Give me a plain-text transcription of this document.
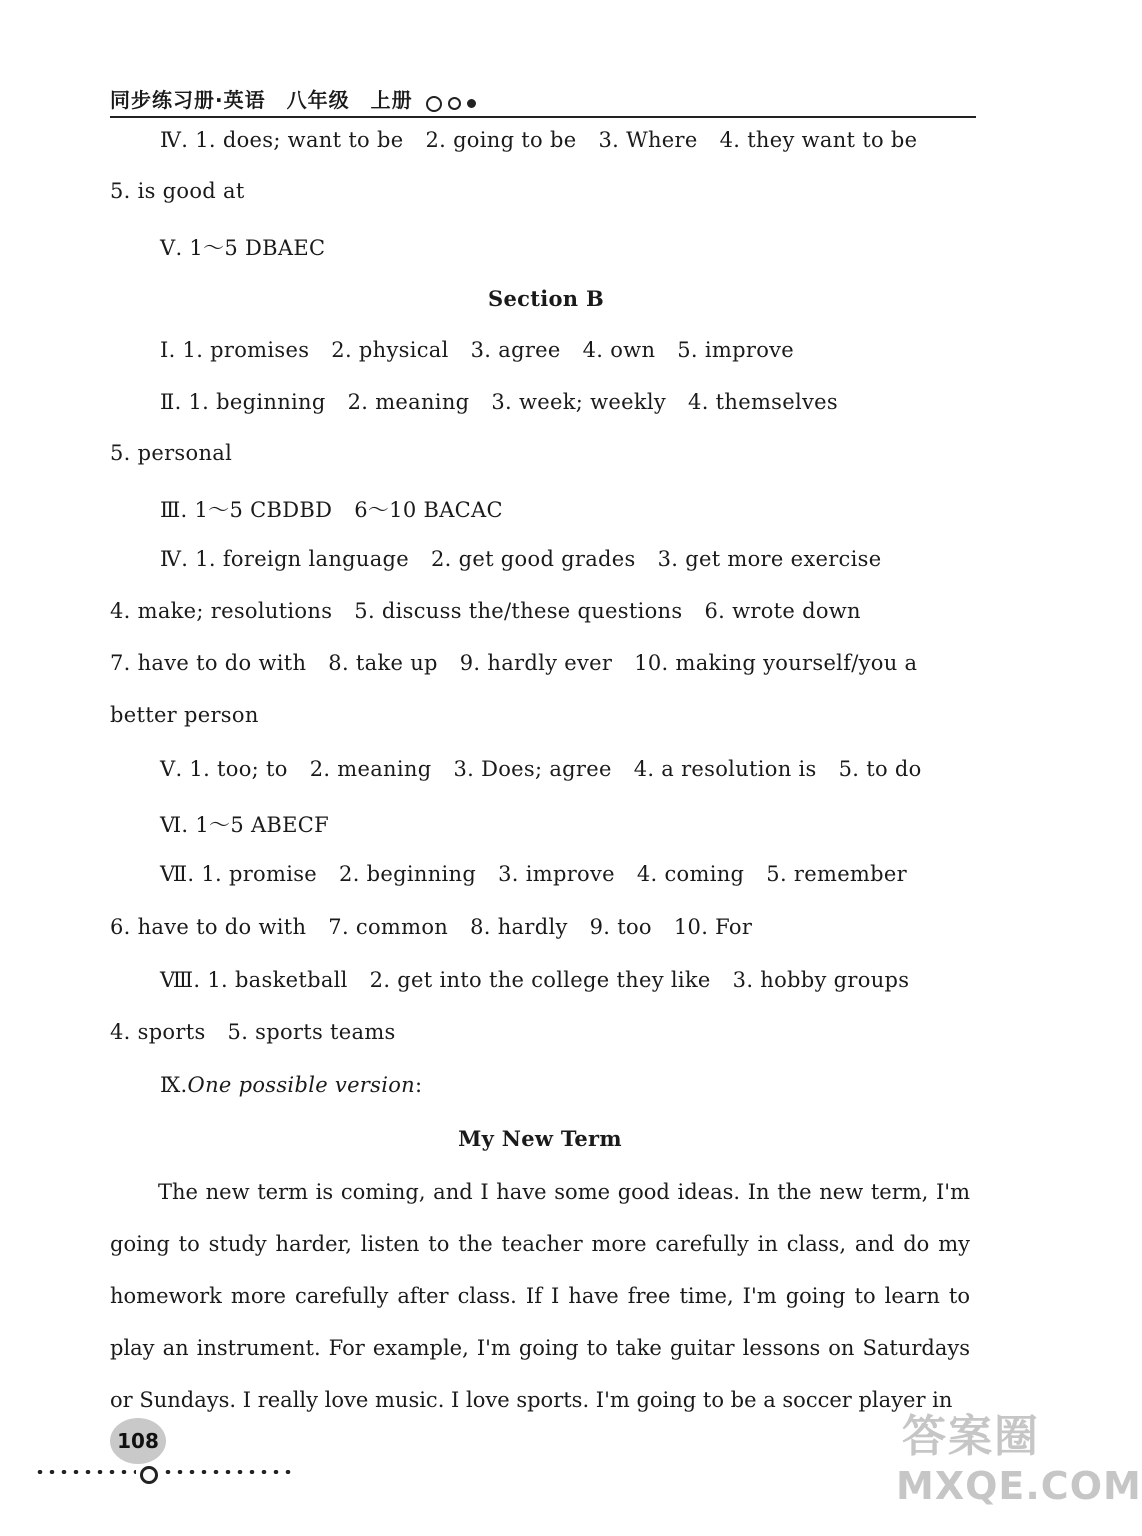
同步练习册·英语　八年级　上册
Ⅳ. 1. does; want to be 2. going to be 3. Where 4. they want to be
5. is good at
Ⅴ. 1～5 DBAEC
Section B
Ⅰ. 1. promises 2. physical 3. agree 4. own 5. improve
Ⅱ. 1. beginning 2. meaning 3. week; weekly 4. themselves
5. personal
Ⅲ. 1～5 CBDBD 6～10 BACAC
Ⅳ. 1. foreign language 2. get good grades 3. get more exercise
4. make; resolutions 5. discuss the/these questions 6. wrote down
7. have to do with 8. take up 9. hardly ever 10. making yourself/you a
better person
Ⅴ. 1. too; to 2. meaning 3. Does; agree 4. a resolution is 5. to do
Ⅵ. 1～5 ABECF
Ⅶ. 1. promise 2. beginning 3. improve 4. coming 5. remember
6. have to do with 7. common 8. hardly 9. too 10. For
Ⅷ. 1. basketball 2. get into the college they like 3. hobby groups
4. sports 5. sports teams
Ⅸ.One possible version:
My New Term
The new term is coming, and I have some good ideas. In the new term, I'm going to study harder, listen to the teacher more carefully in class, and do my homework more carefully after class. If I have free time, I'm going to learn to play an instrument. For example, I'm going to take guitar lessons on Saturdays or Sundays. I really love music. I love sports. I'm going to be a soccer player in
108	答案圈
MXQE.COM
